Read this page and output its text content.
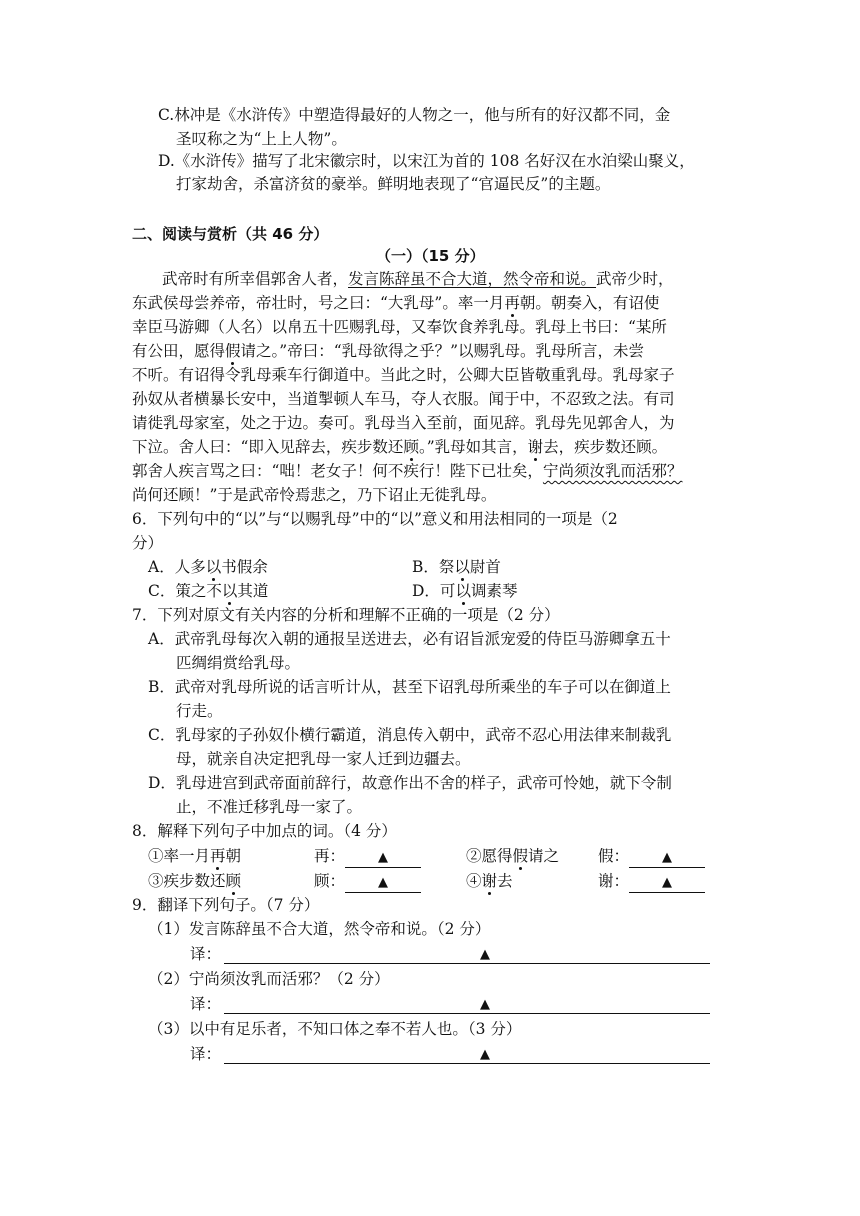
C.林冲是《水浒传》中塑造得最好的人物之一，他与所有的好汉都不同，金
圣叹称之为“上上人物”。
D.《水浒传》描写了北宋徽宗时，以宋江为首的 108 名好汉在水泊梁山聚义，
打家劫舍，杀富济贫的豪举。鲜明地表现了“官逼民反”的主题。
二、阅读与赏析（共 46 分）
（一）（15 分）
武帝时有所幸倡郭舍人者，发言陈辞虽不合大道，然令帝和说。武帝少时，
东武侯母尝养帝，帝壮时，号之曰：“大乳母”。率一月再朝。朝奏入，有诏使
幸臣马游卿（人名）以帛五十匹赐乳母，又奉饮食养乳母。乳母上书曰：“某所
有公田，愿得假请之。”帝曰：“乳母欲得之乎？”以赐乳母。乳母所言，未尝
不听。有诏得令乳母乘车行御道中。当此之时，公卿大臣皆敬重乳母。乳母家子
孙奴从者横暴长安中，当道掣顿人车马，夺人衣服。闻于中，不忍致之法。有司
请徙乳母家室，处之于边。奏可。乳母当入至前，面见辞。乳母先见郭舍人，为
下泣。舍人曰：“即入见辞去，疾步数还顾。”乳母如其言，谢去，疾步数还顾。
郭舍人疾言骂之曰：“咄！老女子！何不疾行！陛下已壮矣，宁尚须汝乳而活邪？
尚何还顾！”于是武帝怜焉悲之，乃下诏止无徙乳母。
6．下列句中的“以”与“以赐乳母”中的“以”意义和用法相同的一项是（2
分）
A．人多以书假余	B．祭以尉首
C．策之不以其道	D．可以调素琴
7．下列对原文有关内容的分析和理解不正确的一项是（2 分）
A．武帝乳母每次入朝的通报呈送进去，必有诏旨派宠爱的侍臣马游卿拿五十
匹绸绢赏给乳母。
B．武帝对乳母所说的话言听计从，甚至下诏乳母所乘坐的车子可以在御道上
行走。
C．乳母家的子孙奴仆横行霸道，消息传入朝中，武帝不忍心用法律来制裁乳
母，就亲自决定把乳母一家人迁到边疆去。
D．乳母进宫到武帝面前辞行，故意作出不舍的样子，武帝可怜她，就下令制
止，不准迁移乳母一家了。
8．解释下列句子中加点的词。（4 分）
①率一月再朝	再：	▲	②愿得假请之	假：	▲
③疾步数还顾	顾：	▲	④谢去	谢：	▲
9．翻译下列句子。（7 分）
（1）发言陈辞虽不合大道，然令帝和说。（2 分）
译：	▲
（2）宁尚须汝乳而活邪？（2 分）
译：	▲
（3）以中有足乐者，不知口体之奉不若人也。（3 分）
译：	▲
